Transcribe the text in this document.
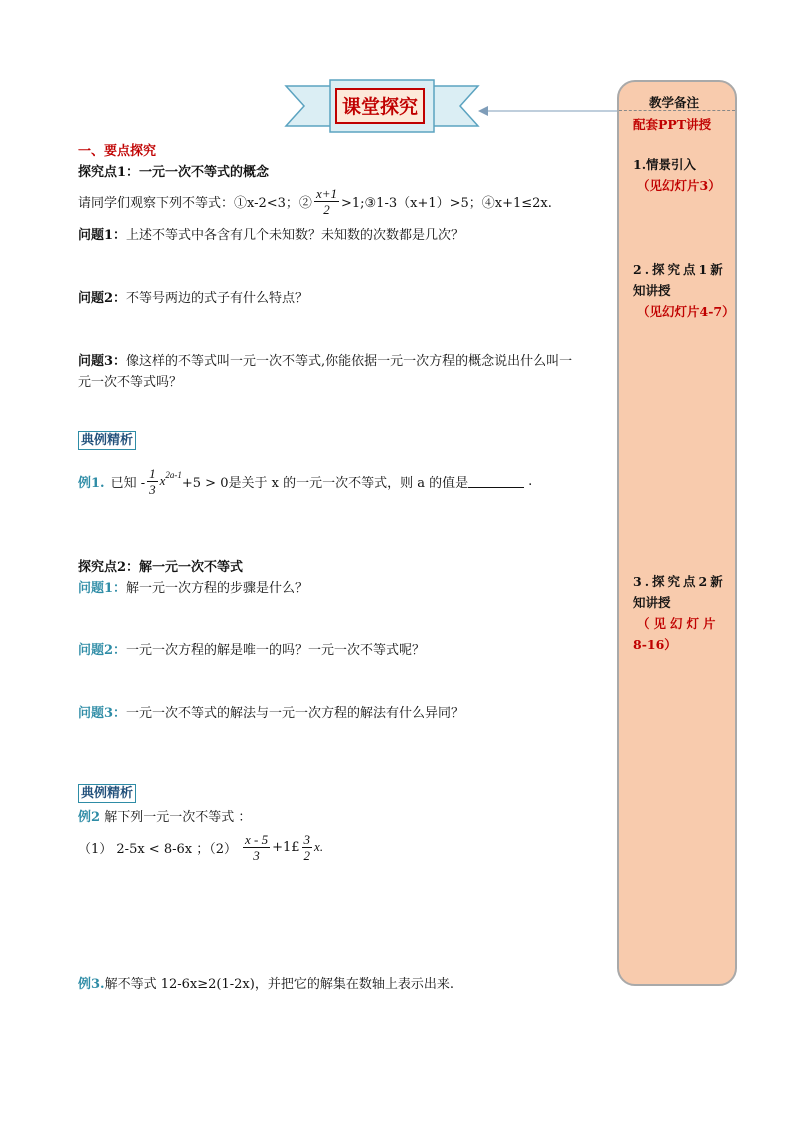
课堂探究	教学备注
配套PPT讲授
1.情景引入
（见幻灯片3）
2.探究点1新
知讲授
（见幻灯片4-7）
3.探究点2新
知讲授
（见幻灯片
8-16）
一、要点探究
探究点1：一元一次不等式的概念
请同学们观察下列不等式：①x-2<3；② $\frac{x+1}{2}$ >1;③1-3（x+1）>5；④x+1≤2x.
问题1：上述不等式中各含有几个未知数？未知数的次数都是几次？
问题2：不等号两边的式子有什么特点？
问题3：像这样的不等式叫一元一次不等式,你能依据一元一次方程的概念说出什么叫一
元一次不等式吗？
典例精析
例1. 已知 - $\frac{1}{3} x^{2a-1}$
+5 > 0是关于 x 的一元一次不等式，则 a 的值是	.
探究点2：解一元一次不等式
问题1：解一元一次方程的步骤是什么？
问题2：一元一次方程的解是唯一的吗？一元一次不等式呢？
问题3：一元一次不等式的解法与一元一次方程的解法有什么异同？
典例精析
例2 解下列一元一次不等式 ：
（1） 2-5x < 8-6x ；$(2) \frac{x - 5}{3}$ +1£ $\frac{3}{2} x$.
例3.解不等式 12-6x≥2(1-2x)，并把它的解集在数轴上表示出来.
